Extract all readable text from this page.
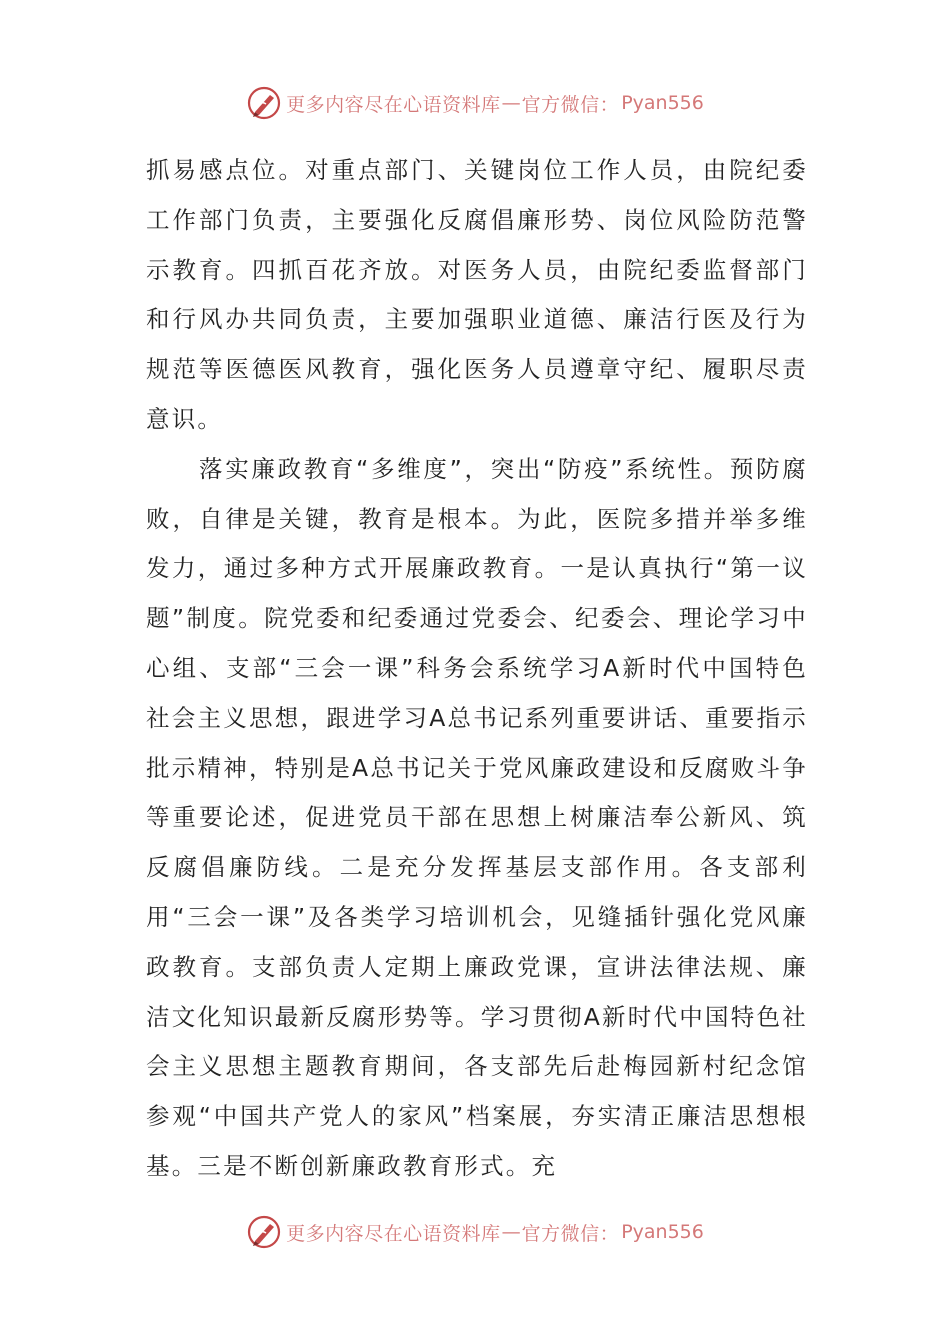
更多内容尽在心语资料库 — 官方微信： Pyan556

抓易感点位。对重点部门、关键岗位工作人员，由院纪委工作部门负责，主要强化反腐倡廉形势、岗位风险防范警示教育。四抓百花齐放。对医务人员，由院纪委监督部门和行风办共同负责，主要加强职业道德、廉洁行医及行为规范等医德医风教育，强化医务人员遵章守纪、履职尽责意识。

落实廉政教育“多维度”，突出“防疫”系统性。预防腐败，自律是关键，教育是根本。为此，医院多措并举多维发力，通过多种方式开展廉政教育。一是认真执行“第一议题”制度。院党委和纪委通过党委会、纪委会、理论学习中心组、支部“三会一课”科务会系统学习A新时代中国特色社会主义思想，跟进学习A总书记系列重要讲话、重要指示批示精神，特别是A总书记关于党风廉政建设和反腐败斗争等重要论述，促进党员干部在思想上树廉洁奉公新风、筑反腐倡廉防线。二是充分发挥基层支部作用。各支部利用“三会一课”及各类学习培训机会，见缝插针强化党风廉政教育。支部负责人定期上廉政党课，宣讲法律法规、廉洁文化知识最新反腐形势等。学习贯彻A新时代中国特色社会主义思想主题教育期间，各支部先后赴梅园新村纪念馆参观“中国共产党人的家风”档案展，夯实清正廉洁思想根基。三是不断创新廉政教育形式。充

更多内容尽在心语资料库 — 官方微信： Pyan556
